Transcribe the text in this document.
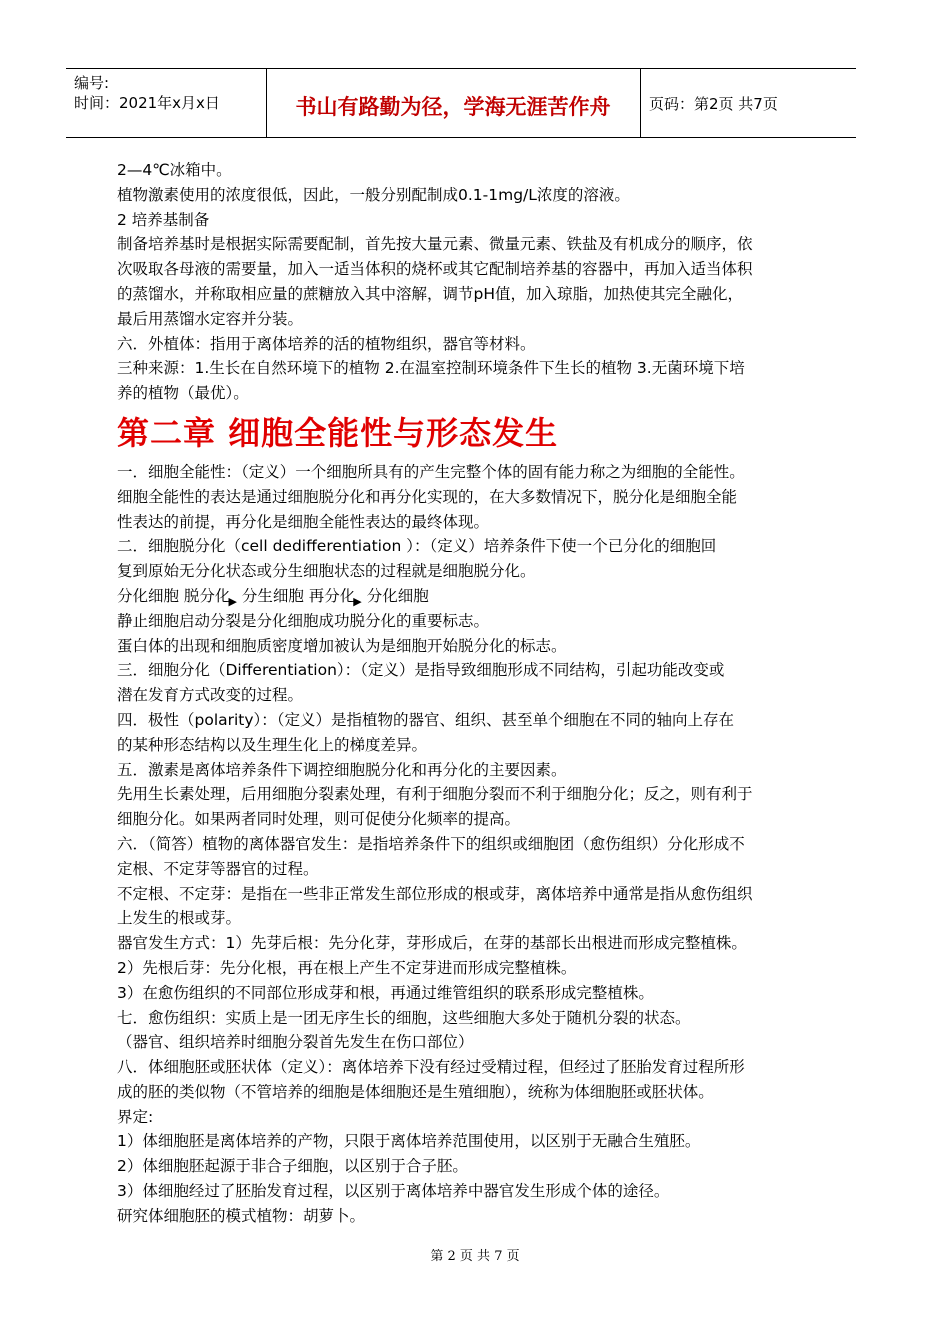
编号:
时间：2021年x月x日	书山有路勤为径，学海无涯苦作舟	页码：第2页 共7页
2—4℃冰箱中。
植物激素使用的浓度很低，因此，一般分别配制成0.1-1mg/L浓度的溶液。
2 培养基制备
制备培养基时是根据实际需要配制，首先按大量元素、微量元素、铁盐及有机成分的顺序，依
次吸取各母液的需要量，加入一适当体积的烧杯或其它配制培养基的容器中，再加入适当体积
的蒸馏水，并称取相应量的蔗糖放入其中溶解，调节pH值，加入琼脂，加热使其完全融化，
最后用蒸馏水定容并分装。
六．外植体：指用于离体培养的活的植物组织，器官等材料。
三种来源：1.生长在自然环境下的植物 2.在温室控制环境条件下生长的植物 3.无菌环境下培
养的植物（最优）。
第二章 细胞全能性与形态发生
一．细胞全能性：（定义）一个细胞所具有的产生完整个体的固有能力称之为细胞的全能性。
细胞全能性的表达是通过细胞脱分化和再分化实现的，在大多数情况下，脱分化是细胞全能
性表达的前提，再分化是细胞全能性表达的最终体现。
二．细胞脱分化（cell dedifferentiation ）：（定义）培养条件下使一个已分化的细胞回
复到原始无分化状态或分生细胞状态的过程就是细胞脱分化。
分化细胞 脱分化▶ 分生细胞 再分化▶ 分化细胞
静止细胞启动分裂是分化细胞成功脱分化的重要标志。
蛋白体的出现和细胞质密度增加被认为是细胞开始脱分化的标志。
三．细胞分化（Differentiation）：（定义）是指导致细胞形成不同结构，引起功能改变或
潜在发育方式改变的过程。
四．极性（polarity）：（定义）是指植物的器官、组织、甚至单个细胞在不同的轴向上存在
的某种形态结构以及生理生化上的梯度差异。
五．激素是离体培养条件下调控细胞脱分化和再分化的主要因素。
先用生长素处理，后用细胞分裂素处理，有利于细胞分裂而不利于细胞分化；反之，则有利于
细胞分化。如果两者同时处理，则可促使分化频率的提高。
六．（简答）植物的离体器官发生：是指培养条件下的组织或细胞团（愈伤组织）分化形成不
定根、不定芽等器官的过程。
不定根、不定芽：是指在一些非正常发生部位形成的根或芽，离体培养中通常是指从愈伤组织
上发生的根或芽。
器官发生方式：1）先芽后根：先分化芽，芽形成后，在芽的基部长出根进而形成完整植株。
2）先根后芽：先分化根，再在根上产生不定芽进而形成完整植株。
3）在愈伤组织的不同部位形成芽和根，再通过维管组织的联系形成完整植株。
七．愈伤组织：实质上是一团无序生长的细胞，这些细胞大多处于随机分裂的状态。
（器官、组织培养时细胞分裂首先发生在伤口部位）
八．体细胞胚或胚状体（定义）：离体培养下没有经过受精过程，但经过了胚胎发育过程所形
成的胚的类似物（不管培养的细胞是体细胞还是生殖细胞），统称为体细胞胚或胚状体。
界定:
1）体细胞胚是离体培养的产物，只限于离体培养范围使用，以区别于无融合生殖胚。
2）体细胞胚起源于非合子细胞，以区别于合子胚。
3）体细胞经过了胚胎发育过程，以区别于离体培养中器官发生形成个体的途径。
研究体细胞胚的模式植物：胡萝卜。
第 2 页 共 7 页
